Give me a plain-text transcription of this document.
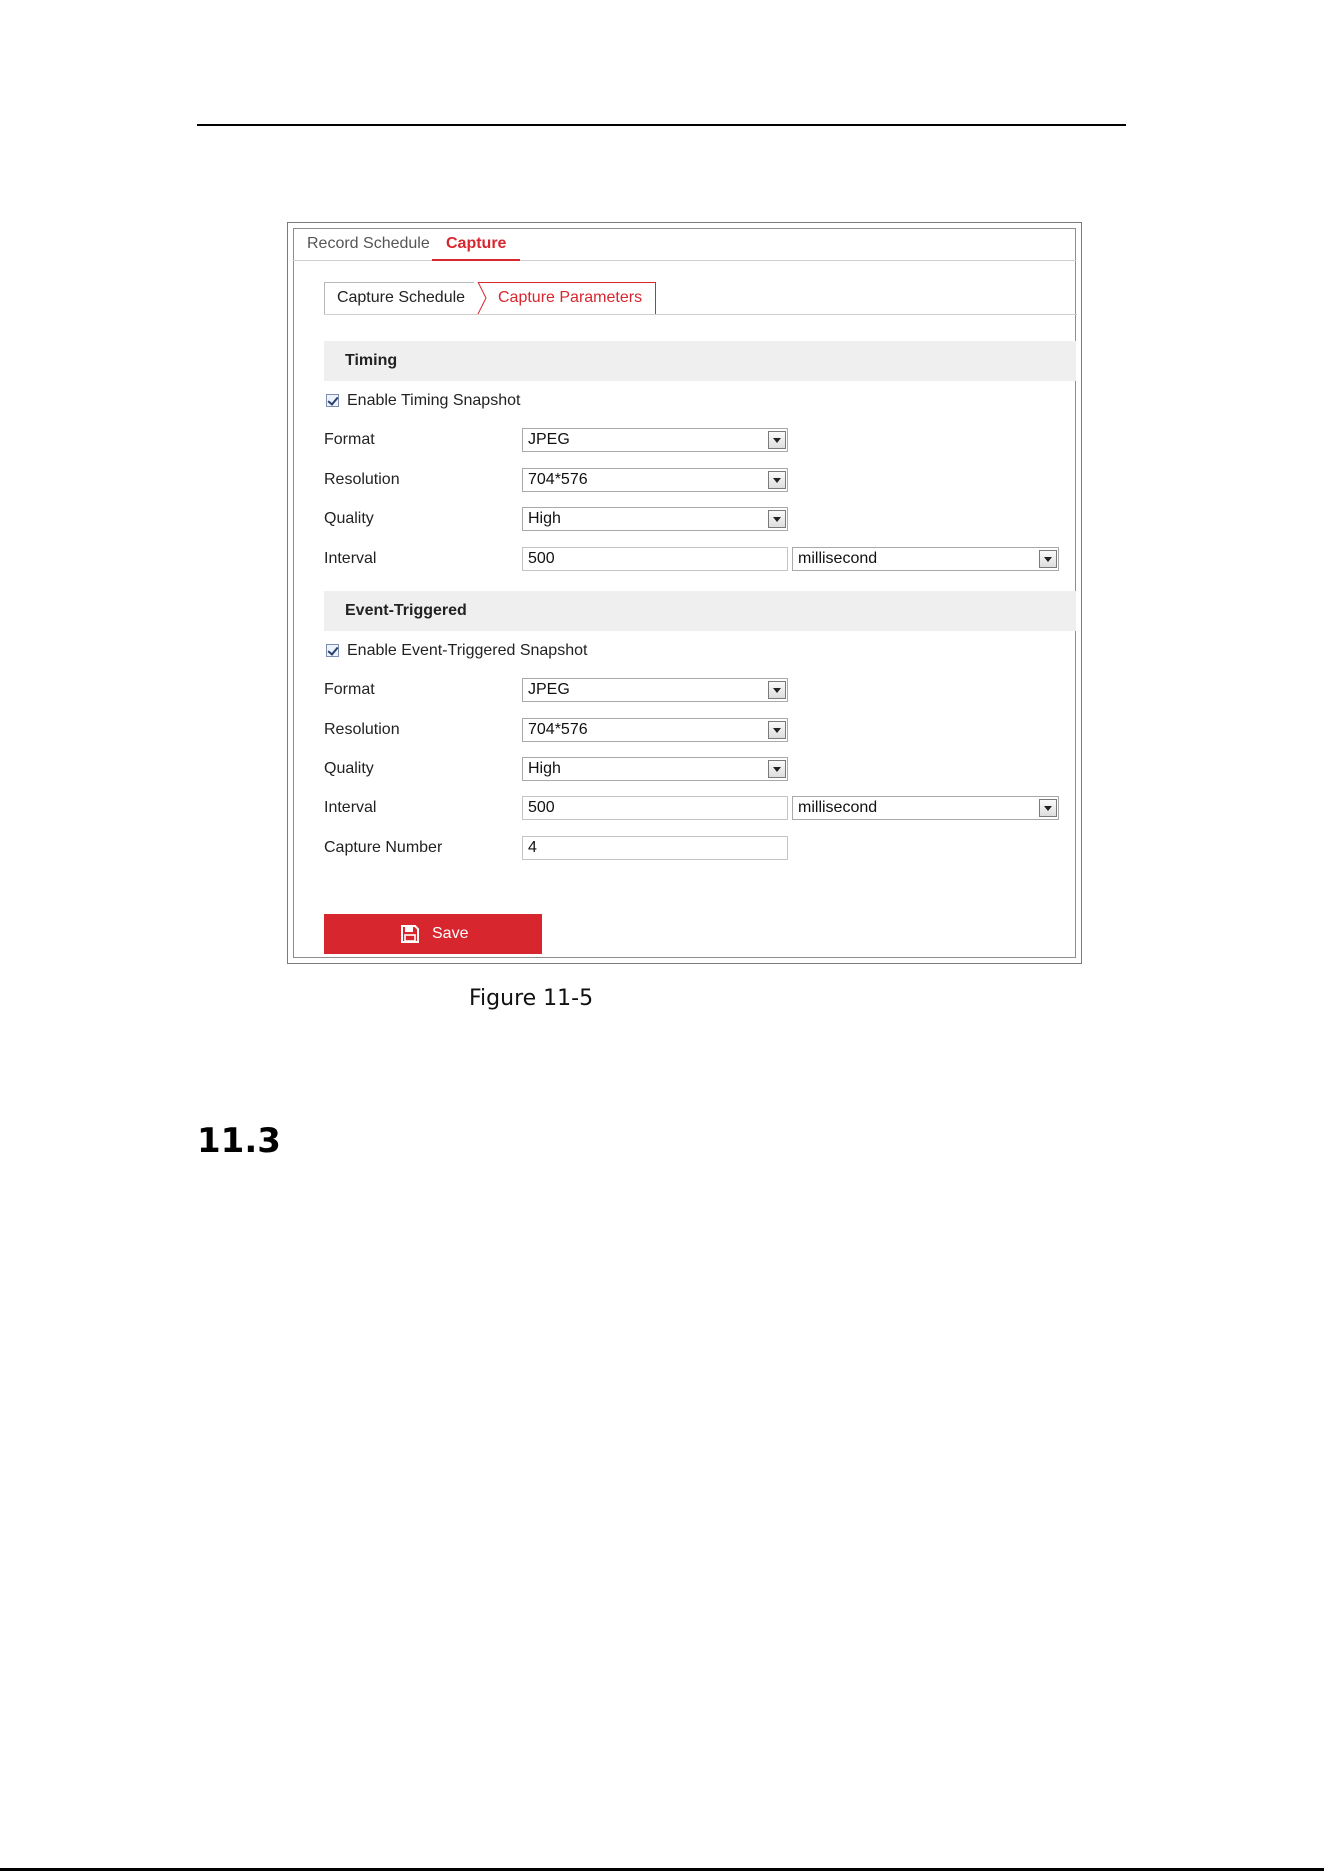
Record Schedule Capture
Capture Schedule	Capture Parameters
Timing
Enable Timing Snapshot
Format	JPEG
Resolution	704*576
Quality	High
Interval	500	millisecond
Event-Triggered
Enable Event-Triggered Snapshot
Format	JPEG
Resolution	704*576
Quality	High
Interval	500	millisecond
Capture Number	4
Save
Figure 11-5
11.3
